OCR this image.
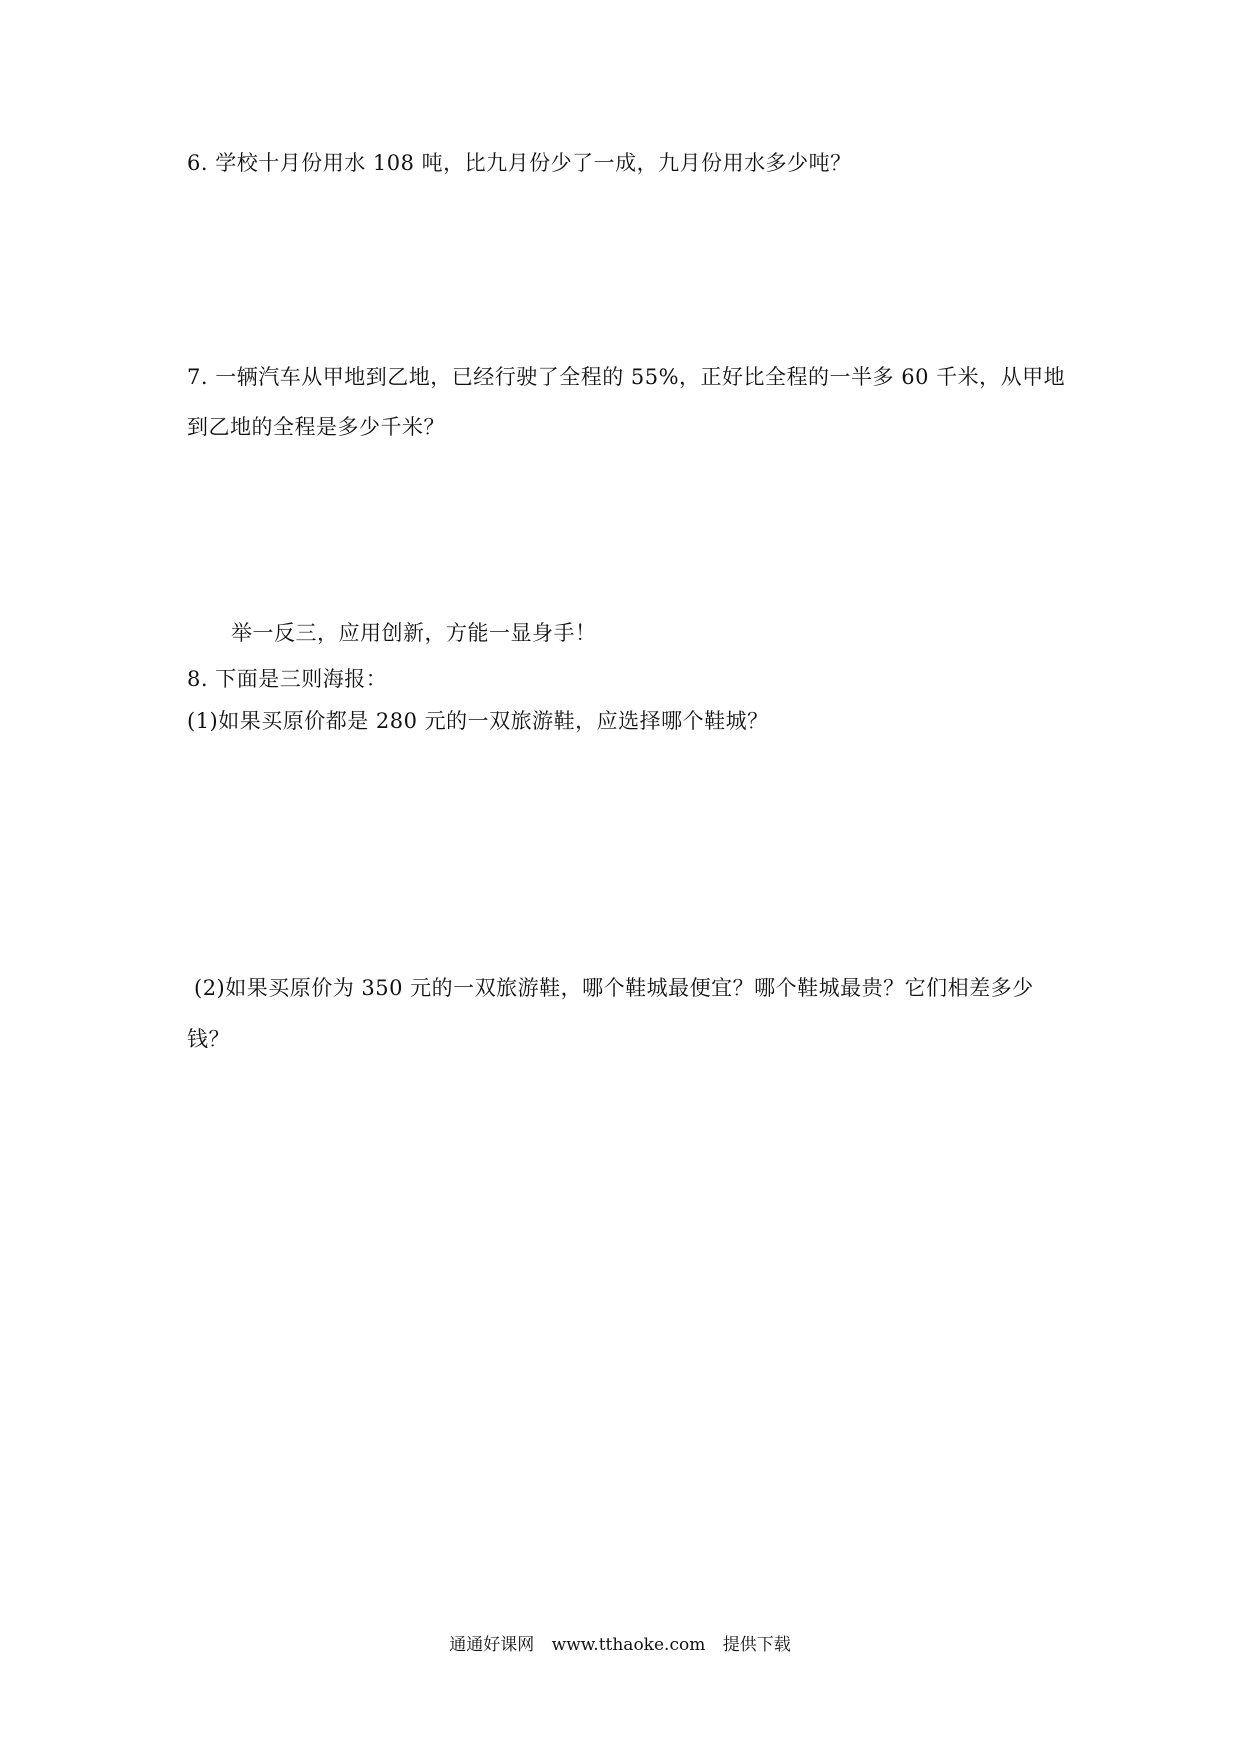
6. 学校十月份用水 108 吨，比九月份少了一成，九月份用水多少吨？
7. 一辆汽车从甲地到乙地，已经行驶了全程的 55%，正好比全程的一半多 60 千米，从甲地
到乙地的全程是多少千米？
举一反三，应用创新，方能一显身手！
8. 下面是三则海报：
(1)如果买原价都是 280 元的一双旅游鞋，应选择哪个鞋城？
(2)如果买原价为 350 元的一双旅游鞋，哪个鞋城最便宜？哪个鞋城最贵？它们相差多少
钱？
通通好课网 www.tthaoke.com 提供下载
